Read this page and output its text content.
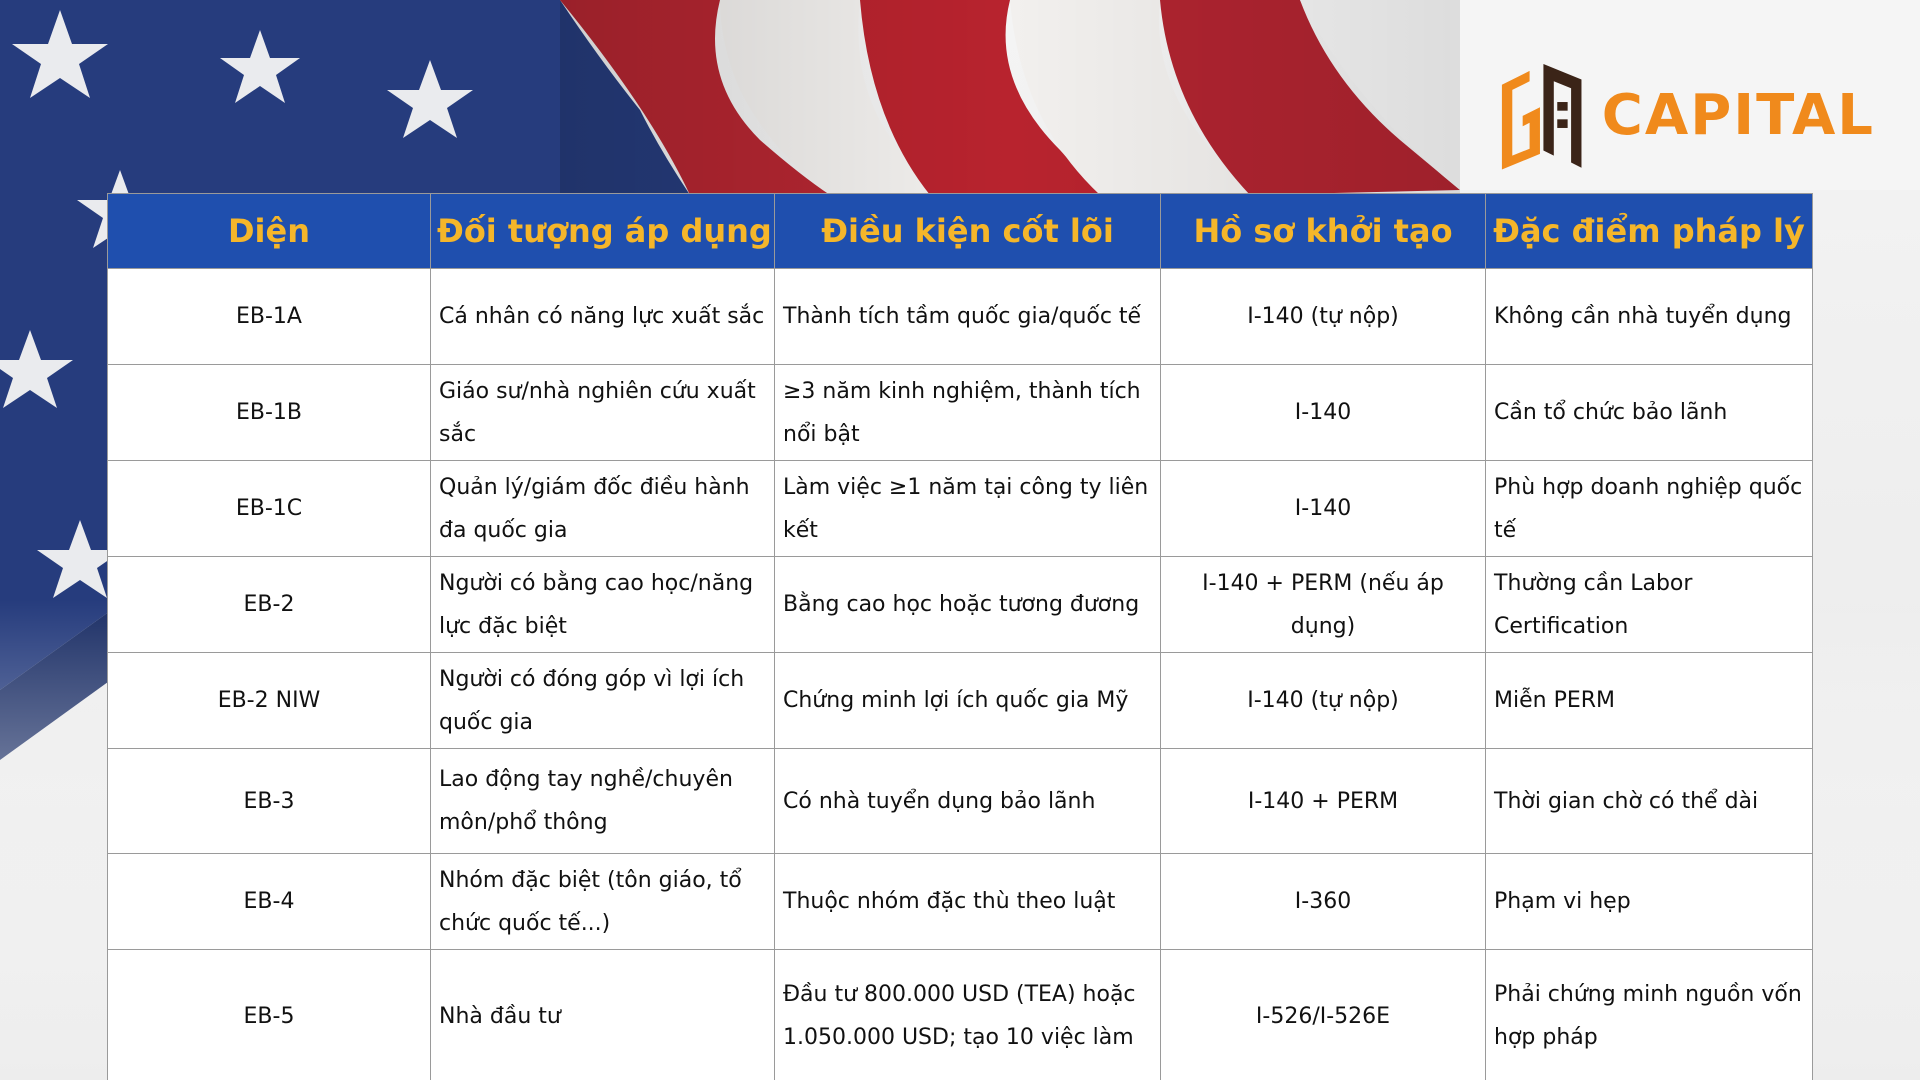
CAPITAL
Diện	Đối tượng áp dụng	Điều kiện cốt lõi	Hồ sơ khởi tạo	Đặc điểm pháp lý
EB-1A	Cá nhân có năng lực xuất sắc	Thành tích tầm quốc gia/quốc tế	I-140 (tự nộp)	Không cần nhà tuyển dụng
EB-1B	Giáo sư/nhà nghiên cứu xuất sắc	≥3 năm kinh nghiệm, thành tích nổi bật	I-140	Cần tổ chức bảo lãnh
EB-1C	Quản lý/giám đốc điều hành đa quốc gia	Làm việc ≥1 năm tại công ty liên kết	I-140	Phù hợp doanh nghiệp quốc tế
EB-2	Người có bằng cao học/năng lực đặc biệt	Bằng cao học hoặc tương đương	I-140 + PERM (nếu áp dụng)	Thường cần Labor Certification
EB-2 NIW	Người có đóng góp vì lợi ích quốc gia	Chứng minh lợi ích quốc gia Mỹ	I-140 (tự nộp)	Miễn PERM
EB-3	Lao động tay nghề/chuyên môn/phổ thông	Có nhà tuyển dụng bảo lãnh	I-140 + PERM	Thời gian chờ có thể dài
EB-4	Nhóm đặc biệt (tôn giáo, tổ chức quốc tế...)	Thuộc nhóm đặc thù theo luật	I-360	Phạm vi hẹp
EB-5	Nhà đầu tư	Đầu tư 800.000 USD (TEA) hoặc 1.050.000 USD; tạo 10 việc làm	I-526/I-526E	Phải chứng minh nguồn vốn hợp pháp
